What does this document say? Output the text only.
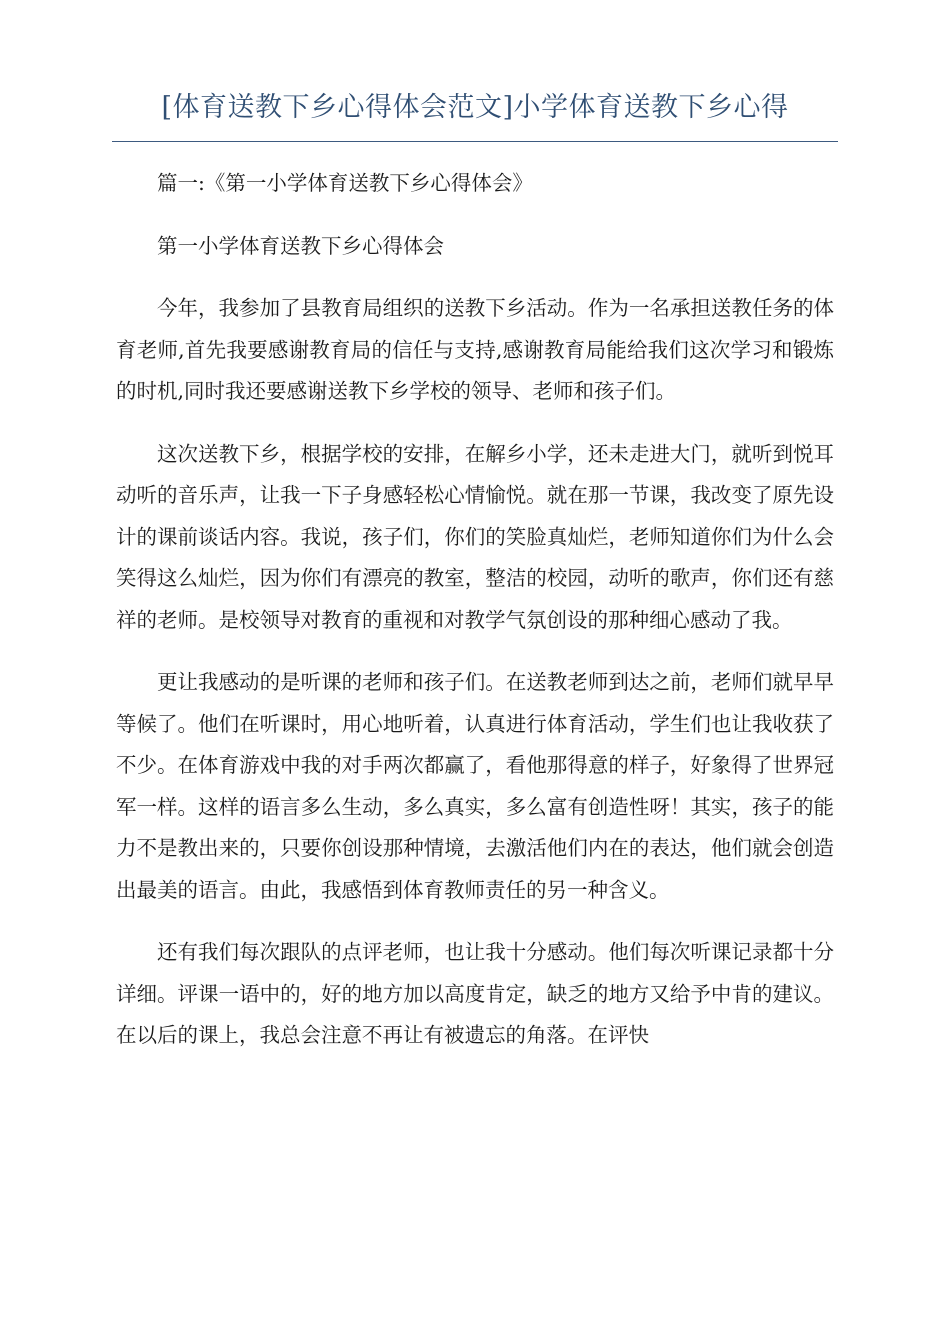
[体育送教下乡心得体会范文]小学体育送教下乡心得

篇一:《第一小学体育送教下乡心得体会》

第一小学体育送教下乡心得体会

今年，我参加了县教育局组织的送教下乡活动。作为一名承担送教任务的体育老师,首先我要感谢教育局的信任与支持,感谢教育局能给我们这次学习和锻炼的时机,同时我还要感谢送教下乡学校的领导、老师和孩子们。

这次送教下乡，根据学校的安排，在解乡小学，还未走进大门，就听到悦耳动听的音乐声，让我一下子身感轻松心情愉悦。就在那一节课，我改变了原先设计的课前谈话内容。我说，孩子们，你们的笑脸真灿烂，老师知道你们为什么会笑得这么灿烂，因为你们有漂亮的教室，整洁的校园，动听的歌声，你们还有慈祥的老师。是校领导对教育的重视和对教学气氛创设的那种细心感动了我。

更让我感动的是听课的老师和孩子们。在送教老师到达之前，老师们就早早等候了。他们在听课时，用心地听着，认真进行体育活动，学生们也让我收获了不少。在体育游戏中我的对手两次都赢了，看他那得意的样子，好象得了世界冠军一样。这样的语言多么生动，多么真实，多么富有创造性呀！其实，孩子的能力不是教出来的，只要你创设那种情境，去激活他们内在的表达，他们就会创造出最美的语言。由此，我感悟到体育教师责任的另一种含义。

还有我们每次跟队的点评老师，也让我十分感动。他们每次听课记录都十分详细。评课一语中的，好的地方加以高度肯定，缺乏的地方又给予中肯的建议。在以后的课上，我总会注意不再让有被遗忘的角落。在评快
